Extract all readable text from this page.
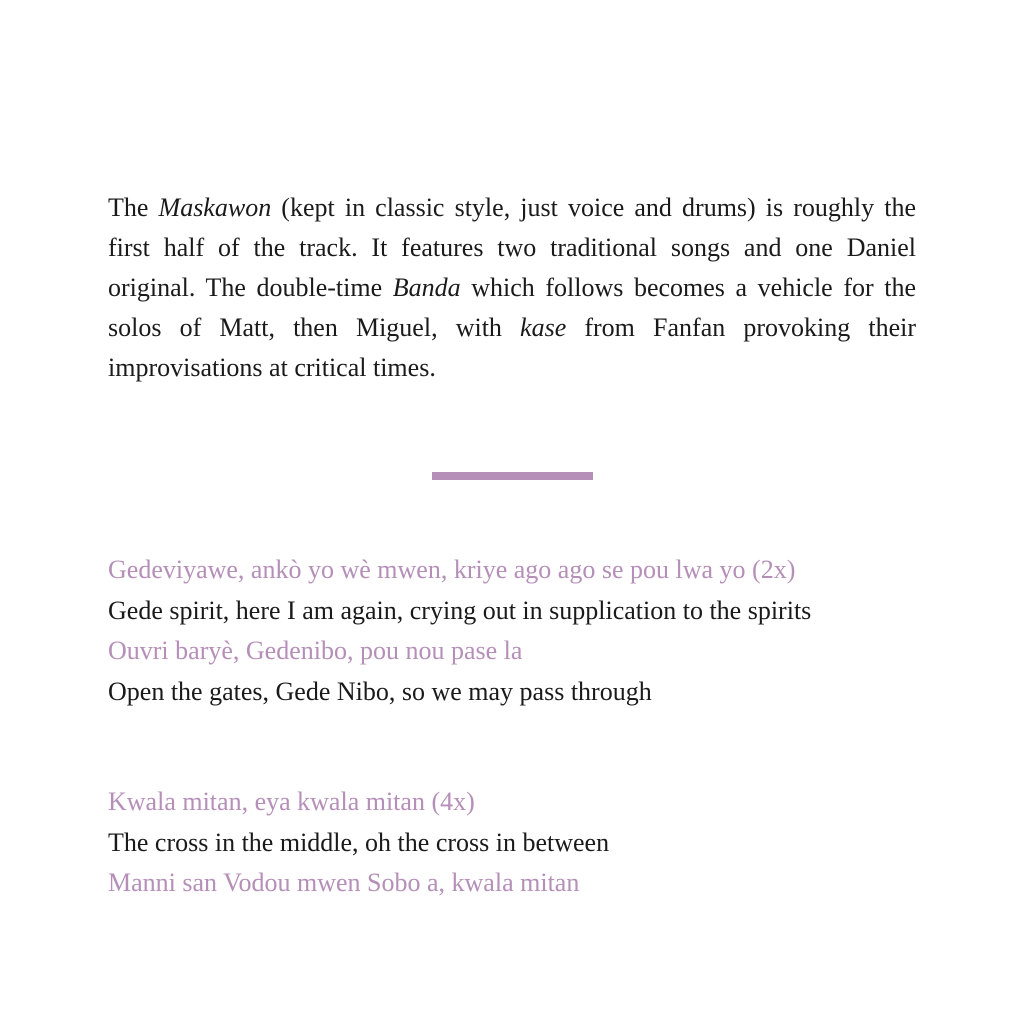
The Maskawon (kept in classic style, just voice and drums) is roughly the first half of the track. It features two traditional songs and one Daniel original. The double-time Banda which follows becomes a vehicle for the solos of Matt, then Miguel, with kase from Fanfan provoking their improvisations at critical times.

Gedeviyawe, ankò yo wè mwen, kriye ago ago se pou lwa yo (2x)
Gede spirit, here I am again, crying out in supplication to the spirits
Ouvri baryè, Gedenibo, pou nou pase la
Open the gates, Gede Nibo, so we may pass through

Kwala mitan, eya kwala mitan (4x)
The cross in the middle, oh the cross in between
Manni san Vodou mwen Sobo a, kwala mitan
